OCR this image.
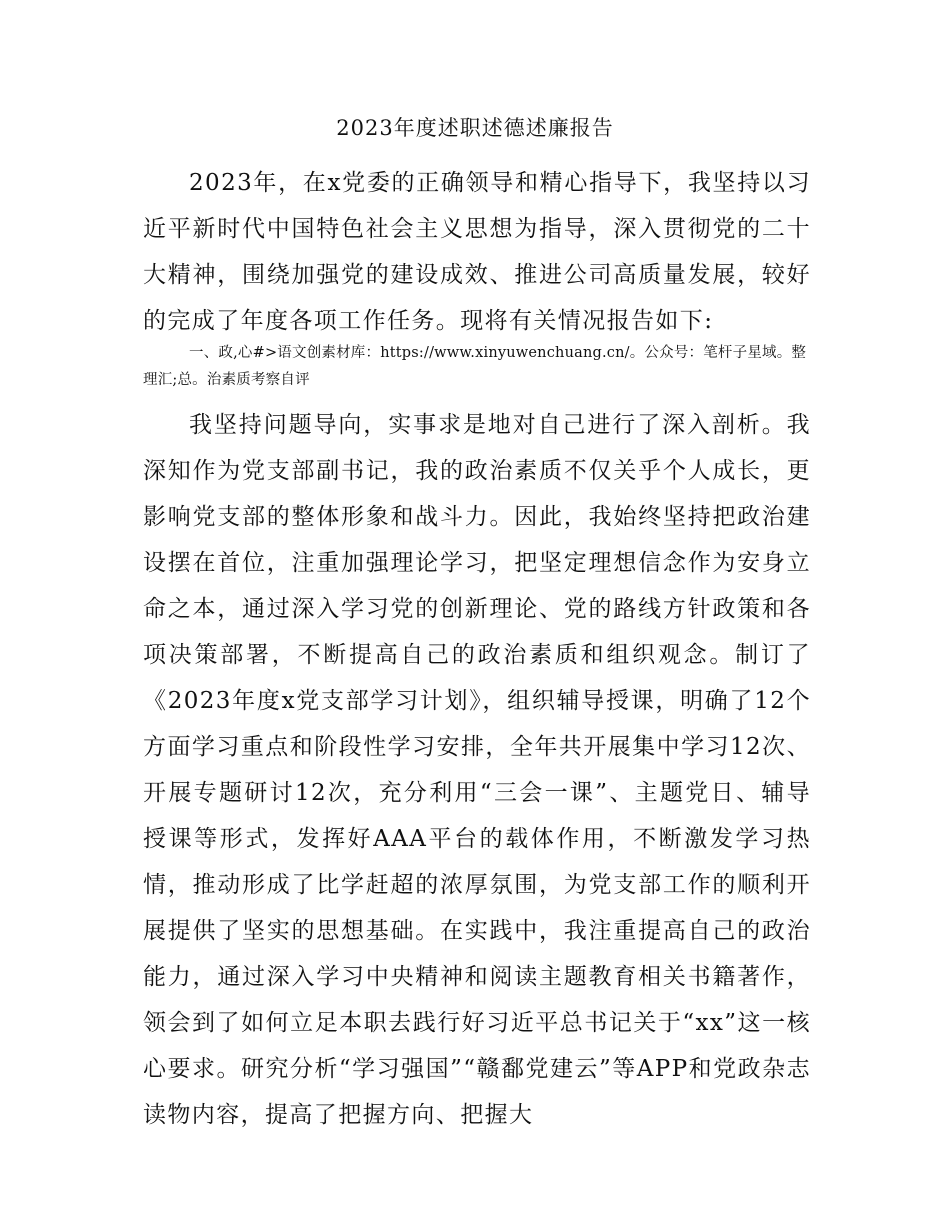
2023年度述职述德述廉报告

2023年，在x党委的正确领导和精心指导下，我坚持以习近平新时代中国特色社会主义思想为指导，深入贯彻党的二十大精神，围绕加强党的建设成效、推进公司高质量发展，较好的完成了年度各项工作任务。现将有关情况报告如下:

一、政,心#>语文创素材库：https://www.xinyuwenchuang.cn/。公众号：笔杆子星域。整理汇;总。治素质考察自评

我坚持问题导向，实事求是地对自己进行了深入剖析。我深知作为党支部副书记，我的政治素质不仅关乎个人成长，更影响党支部的整体形象和战斗力。因此，我始终坚持把政治建设摆在首位，注重加强理论学习，把坚定理想信念作为安身立命之本，通过深入学习党的创新理论、党的路线方针政策和各项决策部署，不断提高自己的政治素质和组织观念。制订了《2023年度x党支部学习计划》，组织辅导授课，明确了12个方面学习重点和阶段性学习安排，全年共开展集中学习12次、开展专题研讨12次，充分利用“三会一课”、主题党日、辅导授课等形式，发挥好AAA平台的载体作用，不断激发学习热情，推动形成了比学赶超的浓厚氛围，为党支部工作的顺利开展提供了坚实的思想基础。在实践中，我注重提高自己的政治能力，通过深入学习中央精神和阅读主题教育相关书籍著作，领会到了如何立足本职去践行好习近平总书记关于“xx”这一核心要求。研究分析“学习强国”“赣鄱党建云”等APP和党政杂志读物内容，提高了把握方向、把握大
